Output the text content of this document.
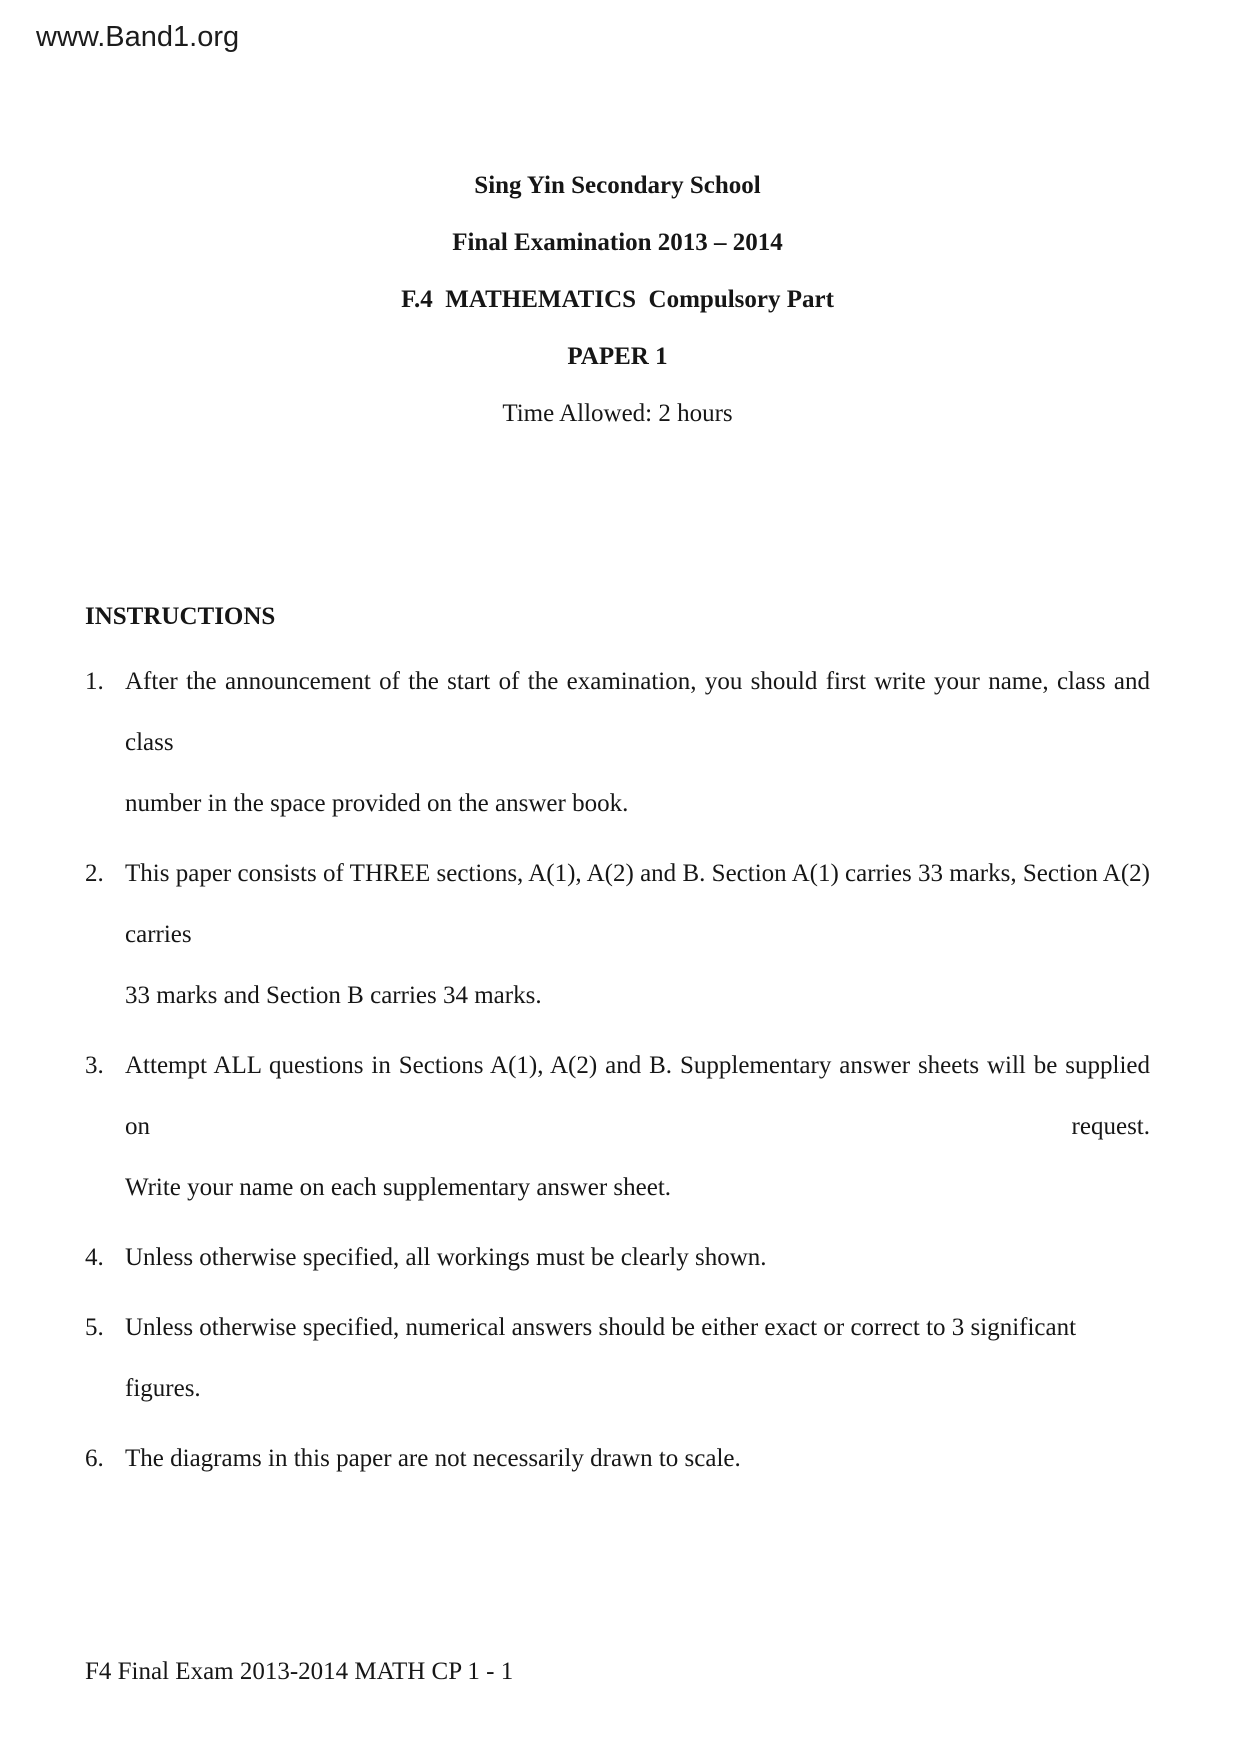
www.Band1.org
Sing Yin Secondary School
Final Examination 2013 – 2014
F.4  MATHEMATICS  Compulsory Part
PAPER 1
Time Allowed: 2 hours
INSTRUCTIONS
1. After the announcement of the start of the examination, you should first write your name, class and class
number in the space provided on the answer book.
2. This paper consists of THREE sections, A(1), A(2) and B. Section A(1) carries 33 marks, Section A(2) carries
33 marks and Section B carries 34 marks.
3. Attempt ALL questions in Sections A(1), A(2) and B. Supplementary answer sheets will be supplied on request.
Write your name on each supplementary answer sheet.
4. Unless otherwise specified, all workings must be clearly shown.
5. Unless otherwise specified, numerical answers should be either exact or correct to 3 significant figures.
6. The diagrams in this paper are not necessarily drawn to scale.
F4 Final Exam 2013-2014 MATH CP 1 - 1
